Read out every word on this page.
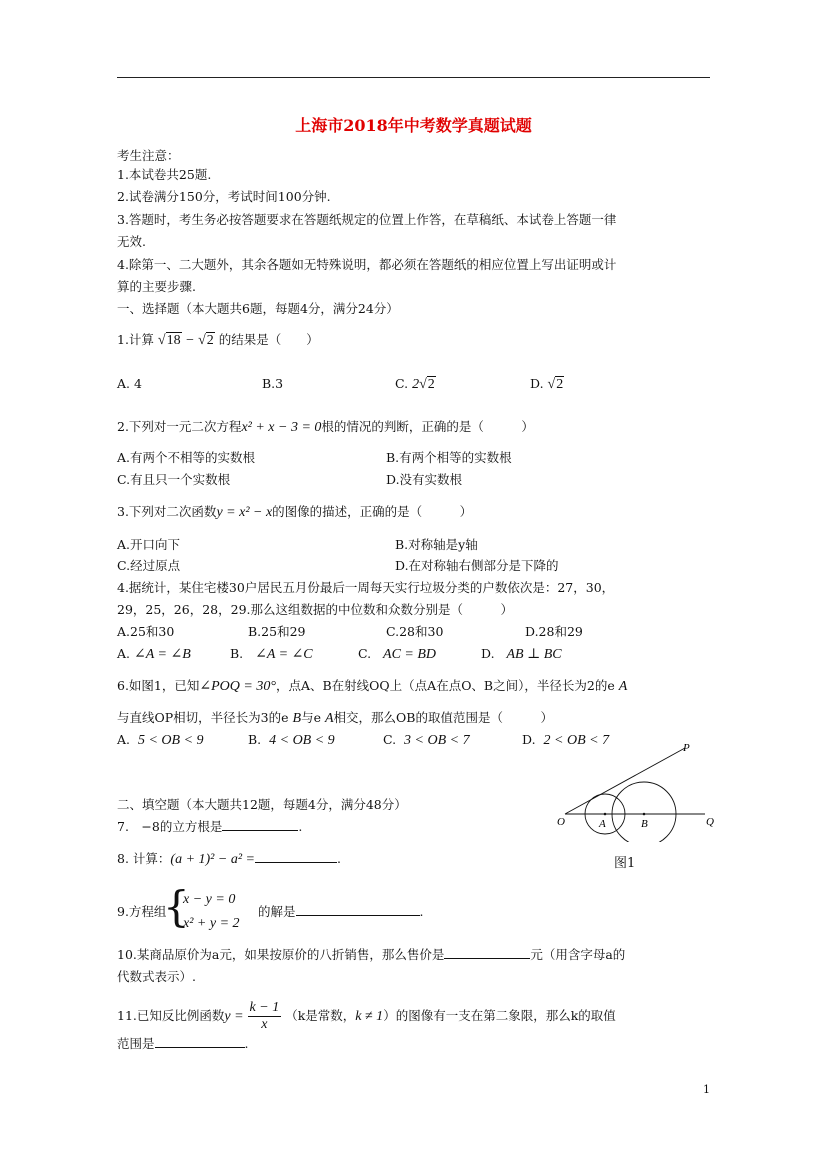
上海市2018年中考数学真题试题
考生注意：
1.本试卷共25题.
2.试卷满分150分，考试时间100分钟.
3.答题时，考生务必按答题要求在答题纸规定的位置上作答，在草稿纸、本试卷上答题一律
无效.
4.除第一、二大题外，其余各题如无特殊说明，都必须在答题纸的相应位置上写出证明或计
算的主要步骤.
一、选择题（本大题共6题，每题4分，满分24分）
1.计算 √18 − √2 的结果是（　　）
A. 4	B.3	C. 2√2	D. √2
2.下列对一元二次方程x² + x − 3 = 0根的情况的判断，正确的是（　　　）
A.有两个不相等的实数根	B.有两个相等的实数根
C.有且只一个实数根	D.没有实数根
3.下列对二次函数y = x² − x的图像的描述，正确的是（　　　）
A.开口向下	B.对称轴是y轴
C.经过原点	D.在对称轴右侧部分是下降的
4.据统计，某住宅楼30户居民五月份最后一周每天实行垃圾分类的户数依次是：27，30，
29，25，26，28，29.那么这组数据的中位数和众数分别是（　　　）
A.25和30	B.25和29	C.28和30	D.28和29
A. ∠A = ∠B	B. ∠A = ∠C	C. AC = BD	D. AB ⊥ BC
6.如图1，已知∠POQ = 30°，点A、B在射线OQ上（点A在点O、B之间），半径长为2的e A
与直线OP相切，半径长为3的e B与e A相交，那么OB的取值范围是（　　　）
A. 5 < OB < 9	B. 4 < OB < 9	C. 3 < OB < 7	D. 2 < OB < 7	P
O	A	B	Q
图1
二、填空题（本大题共12题，每题4分，满分48分）
7.　−8的立方根是	.
8. 计算：(a + 1)² − a² =	.
9.方程组
{
x − y = 0
x² + y = 2
的解是	.
10.某商品原价为a元，如果按原价的八折销售，那么售价是	元（用含字母a的
代数式表示）.
11.已知反比例函数$y = \frac{k - 1}{x} (k$是常数，k ≠ 1）的图像有一支在第二象限，那么k的取值
范围是	.
1
